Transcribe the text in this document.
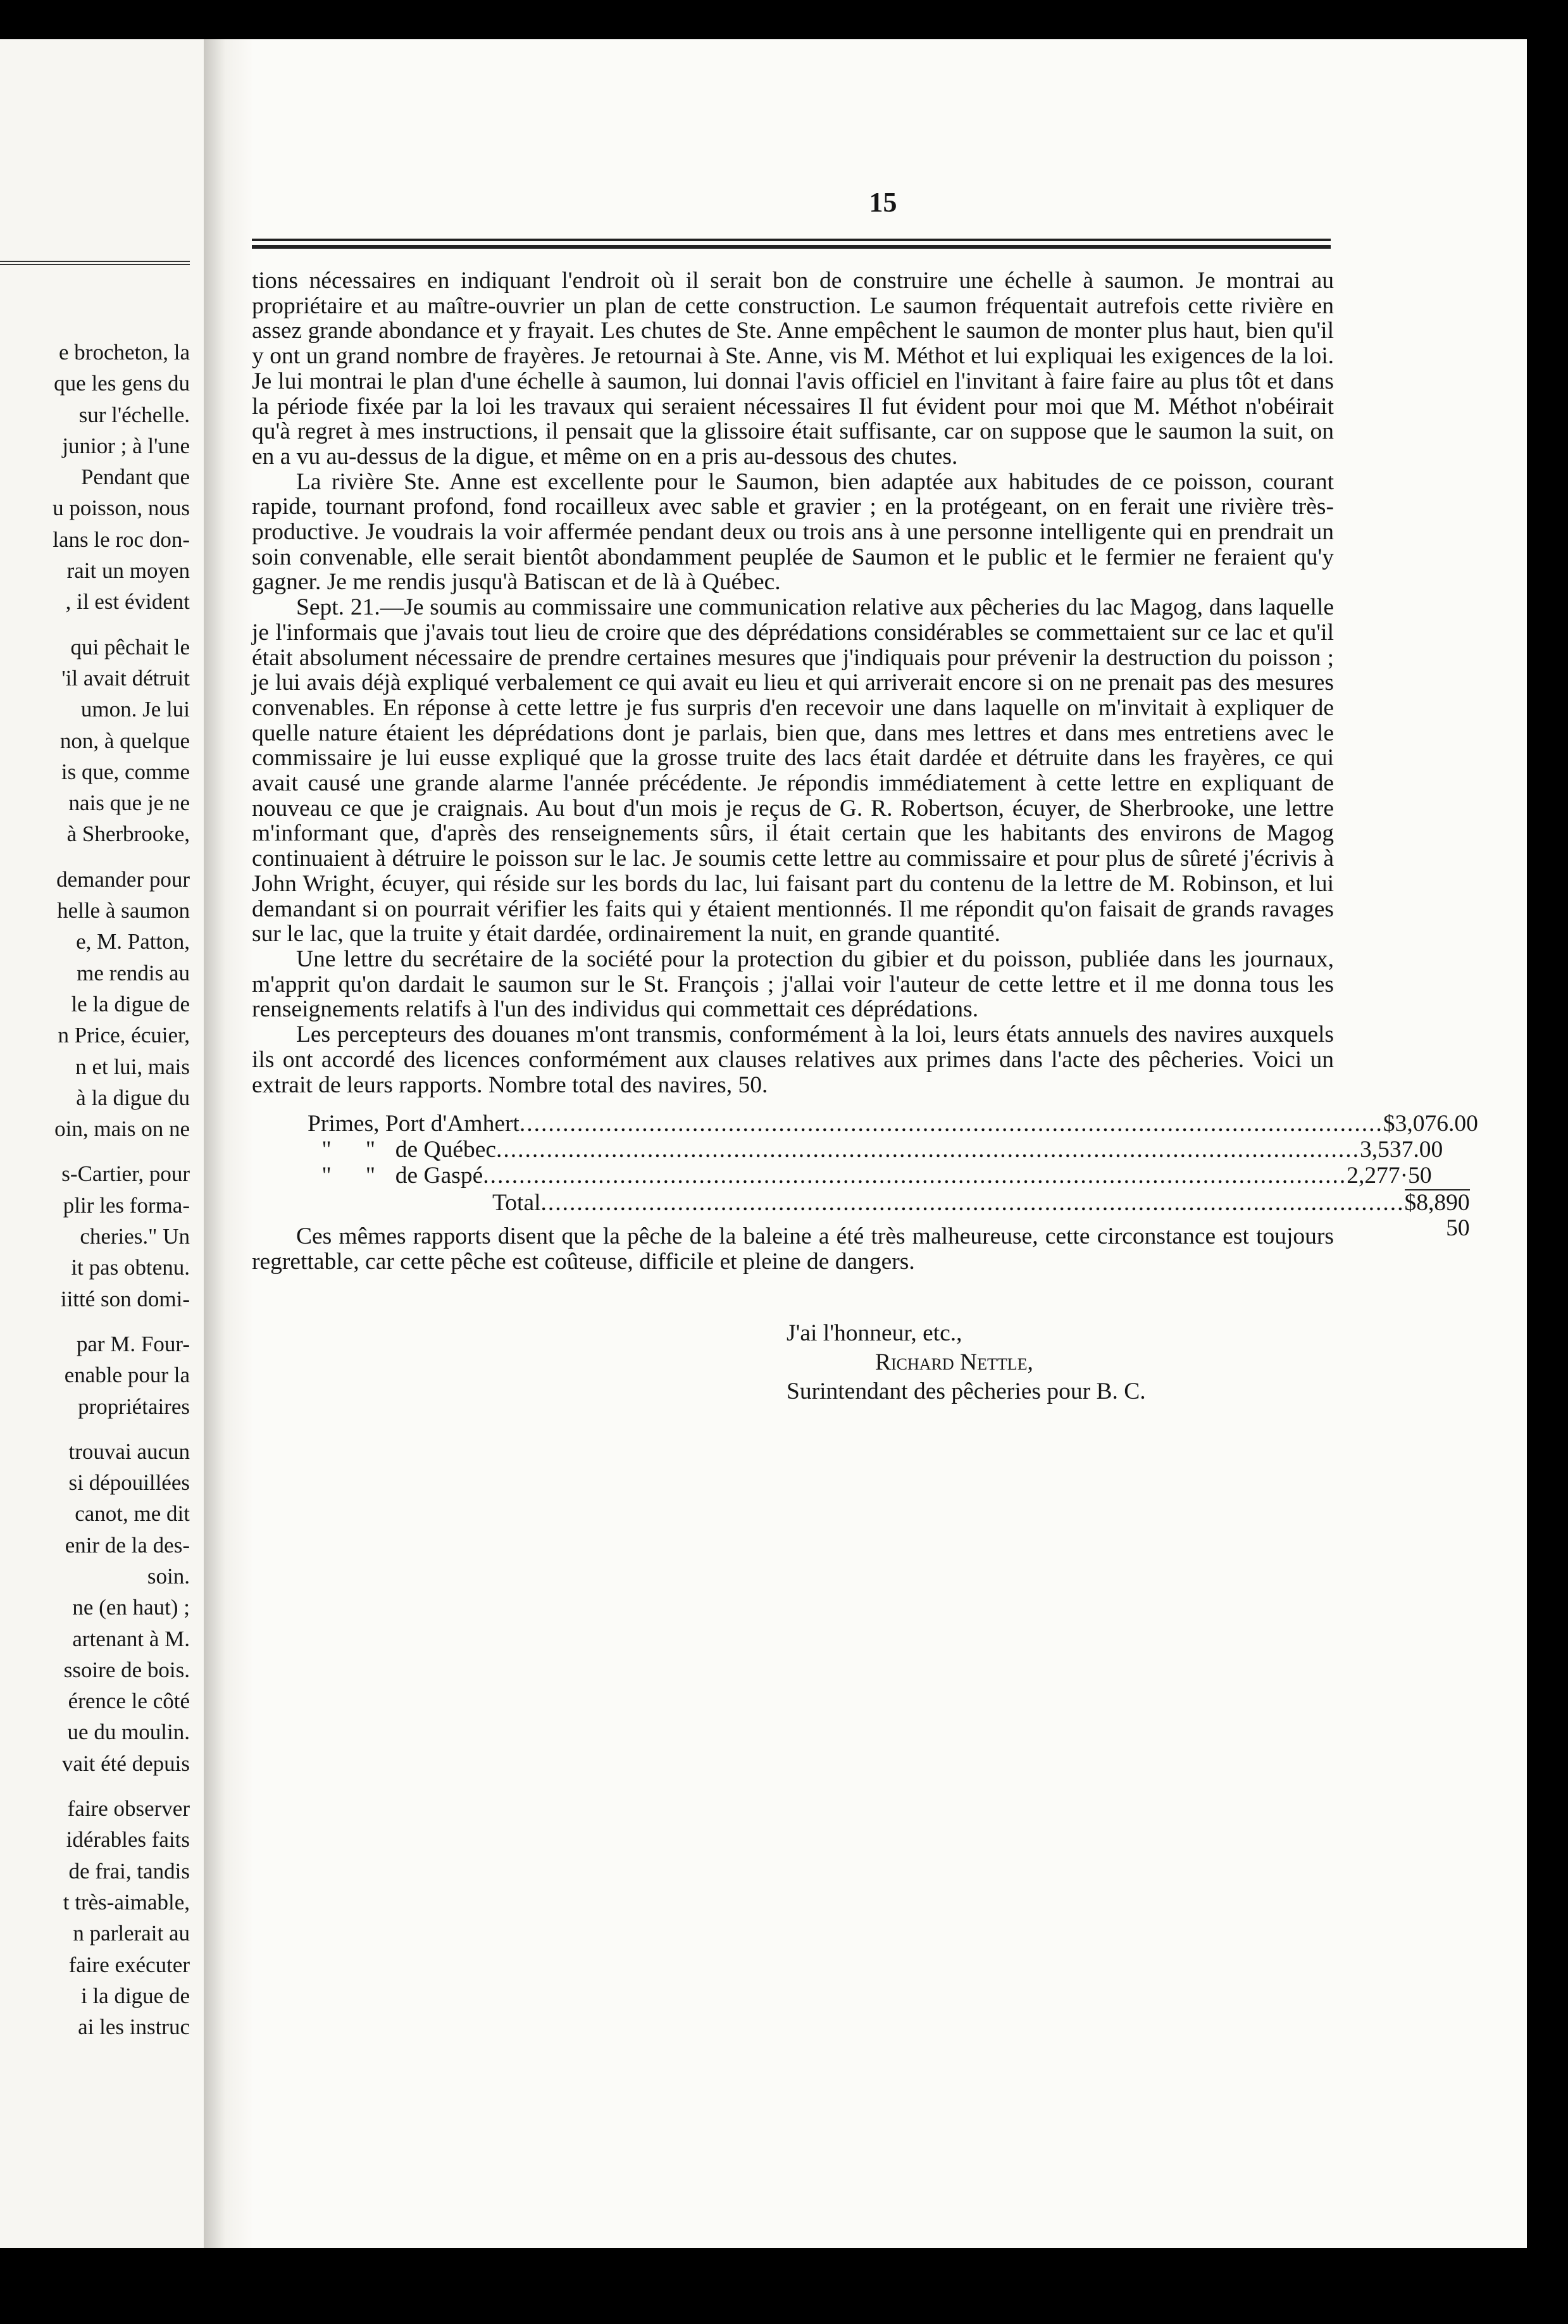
e brocheton, la
que les gens du
sur l'échelle.
junior ; à l'une
Pendant que
u poisson, nous
lans le roc don-
rait un moyen
, il est évident
qui pêchait le
'il avait détruit
umon. Je lui
non, à quelque
is que, comme
nais que je ne
à Sherbrooke,
demander pour
helle à saumon
e, M. Patton,
me rendis au
le la digue de
n Price, écuier,
n et lui, mais
à la digue du
oin, mais on ne
s-Cartier, pour
plir les forma-
cheries." Un
it pas obtenu.
iitté son domi-
par M. Four-
enable pour la
propriétaires
trouvai aucun
si dépouillées
canot, me dit
enir de la des-
soin.
ne (en haut) ;
artenant à M.
ssoire de bois.
érence le côté
ue du moulin.
vait été depuis
faire observer
idérables faits
de frai, tandis
t très-aimable,
n parlerait au
faire exécuter
i la digue de
ai les instruc
15

tions nécessaires en indiquant l'endroit où il serait bon de construire une échelle à saumon. Je montrai au propriétaire et au maître-ouvrier un plan de cette construction. Le saumon fréquentait autrefois cette rivière en assez grande abondance et y frayait. Les chutes de Ste. Anne empêchent le saumon de monter plus haut, bien qu'il y ont un grand nombre de frayères. Je retournai à Ste. Anne, vis M. Méthot et lui expliquai les exigences de la loi. Je lui montrai le plan d'une échelle à saumon, lui donnai l'avis officiel en l'invitant à faire faire au plus tôt et dans la période fixée par la loi les travaux qui seraient nécessaires Il fut évident pour moi que M. Méthot n'obéirait qu'à regret à mes instructions, il pensait que la glissoire était suffisante, car on suppose que le saumon la suit, on en a vu au-dessus de la digue, et même on en a pris au-dessous des chutes.

La rivière Ste. Anne est excellente pour le Saumon, bien adaptée aux habitudes de ce poisson, courant rapide, tournant profond, fond rocailleux avec sable et gravier ; en la protégeant, on en ferait une rivière très-productive. Je voudrais la voir affermée pendant deux ou trois ans à une personne intelligente qui en prendrait un soin convenable, elle serait bientôt abondamment peuplée de Saumon et le public et le fermier ne feraient qu'y gagner. Je me rendis jusqu'à Batiscan et de là à Québec.

Sept. 21.—Je soumis au commissaire une communication relative aux pêcheries du lac Magog, dans laquelle je l'informais que j'avais tout lieu de croire que des déprédations considérables se commettaient sur ce lac et qu'il était absolument nécessaire de prendre certaines mesures que j'indiquais pour prévenir la destruction du poisson ; je lui avais déjà expliqué verbalement ce qui avait eu lieu et qui arriverait encore si on ne prenait pas des mesures convenables. En réponse à cette lettre je fus surpris d'en recevoir une dans laquelle on m'invitait à expliquer de quelle nature étaient les déprédations dont je parlais, bien que, dans mes lettres et dans mes entretiens avec le commissaire je lui eusse expliqué que la grosse truite des lacs était dardée et détruite dans les frayères, ce qui avait causé une grande alarme l'année précédente. Je répondis immédiatement à cette lettre en expliquant de nouveau ce que je craignais. Au bout d'un mois je reçus de G. R. Robertson, écuyer, de Sherbrooke, une lettre m'informant que, d'après des renseignements sûrs, il était certain que les habitants des environs de Magog continuaient à détruire le poisson sur le lac. Je soumis cette lettre au commissaire et pour plus de sûreté j'écrivis à John Wright, écuyer, qui réside sur les bords du lac, lui faisant part du contenu de la lettre de M. Robinson, et lui demandant si on pourrait vérifier les faits qui y étaient mentionnés. Il me répondit qu'on faisait de grands ravages sur le lac, que la truite y était dardée, ordinairement la nuit, en grande quantité.

Une lettre du secrétaire de la société pour la protection du gibier et du poisson, publiée dans les journaux, m'apprit qu'on dardait le saumon sur le St. François ; j'allai voir l'auteur de cette lettre et il me donna tous les renseignements relatifs à l'un des individus qui commettait ces déprédations.

Les percepteurs des douanes m'ont transmis, conformément à la loi, leurs états annuels des navires auxquels ils ont accordé des licences conformément aux clauses relatives aux primes dans l'acte des pêcheries. Voici un extrait de leurs rapports. Nombre total des navires, 50.

Primes, Port d'Amhert ........................................................................................................................ $3,076.00
" " de Québec ........................................................................................................................ 3,537.00
" " de Gaspé ........................................................................................................................ 2,277·50
Total ........................................................................................................................ $8,890 50

Ces mêmes rapports disent que la pêche de la baleine a été très malheureuse, cette circonstance est toujours regrettable, car cette pêche est coûteuse, difficile et pleine de dangers.

J'ai l'honneur, etc.,
Richard Nettle,
Surintendant des pêcheries pour B. C.
